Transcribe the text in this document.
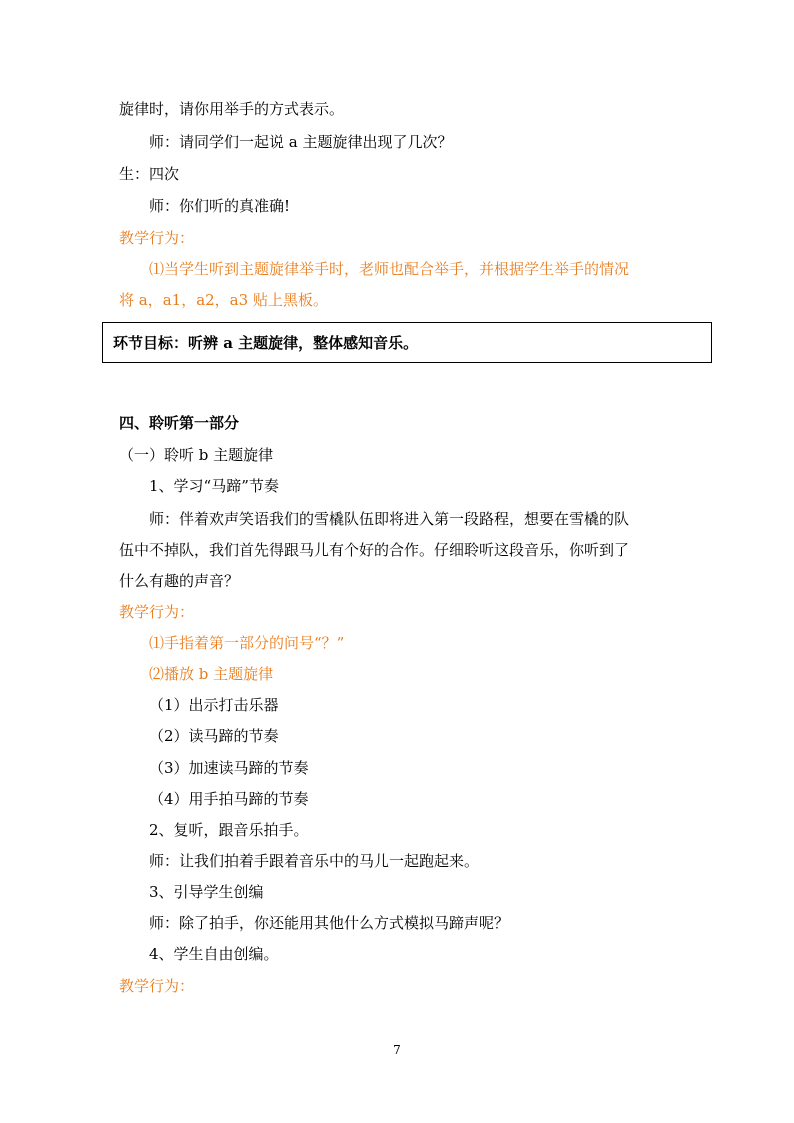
旋律时，请你用举手的方式表示。
师：请同学们一起说 a 主题旋律出现了几次？
生：四次
师：你们听的真准确!
教学行为：
⑴当学生听到主题旋律举手时，老师也配合举手，并根据学生举手的情况
将 a，a1，a2，a3 贴上黑板。
环节目标：听辨 a 主题旋律，整体感知音乐。
四、聆听第一部分
（一）聆听 b 主题旋律
1、学习“马蹄”节奏
师：伴着欢声笑语我们的雪橇队伍即将进入第一段路程，想要在雪橇的队
伍中不掉队，我们首先得跟马儿有个好的合作。仔细聆听这段音乐，你听到了
什么有趣的声音？
教学行为：
⑴手指着第一部分的问号“？”
⑵播放 b 主题旋律
（1）出示打击乐器
（2）读马蹄的节奏
（3）加速读马蹄的节奏
（4）用手拍马蹄的节奏
2、复听，跟音乐拍手。
师：让我们拍着手跟着音乐中的马儿一起跑起来。
3、引导学生创编
师：除了拍手，你还能用其他什么方式模拟马蹄声呢？
4、学生自由创编。
教学行为：
7
